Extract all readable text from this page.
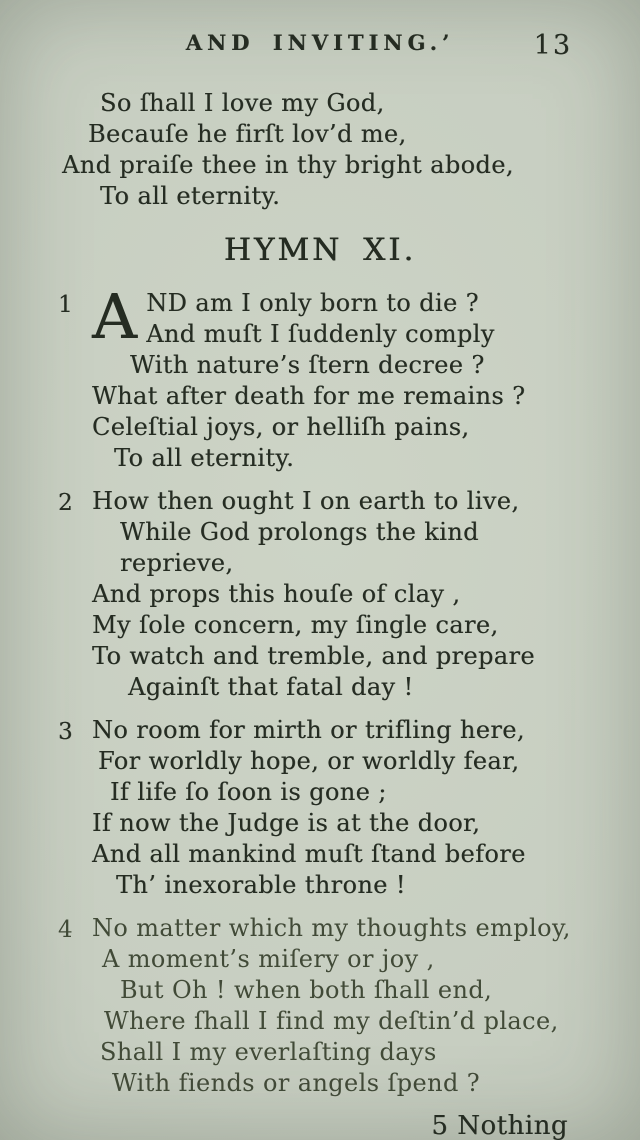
AND INVITING.’	13
So ſhall I love my God,
Becauſe he firſt lov’d me,
And praiſe thee in thy bright abode,
To all eternity.
HYMN XI.
1 A ND am I only born to die ?
And muſt I ſuddenly comply
With nature’s ſtern decree ?
What after death for me remains ?
Celeſtial joys, or helliſh pains,
To all eternity.
2 How then ought I on earth to live,
While God prolongs the kind reprieve,
And props this houſe of clay ,
My ſole concern, my ſingle care,
To watch and tremble, and prepare
Againſt that fatal day !
3 No room for mirth or trifling here,
For worldly hope, or worldly fear,
If life ſo ſoon is gone ;
If now the Judge is at the door,
And all mankind muſt ſtand before
Th’ inexorable throne !
4 No matter which my thoughts employ,
A moment’s miſery or joy ,
But Oh ! when both ſhall end,
Where ſhall I find my deſtin’d place,
Shall I my everlaſting days
With fiends or angels ſpend ?
5 Nothing
